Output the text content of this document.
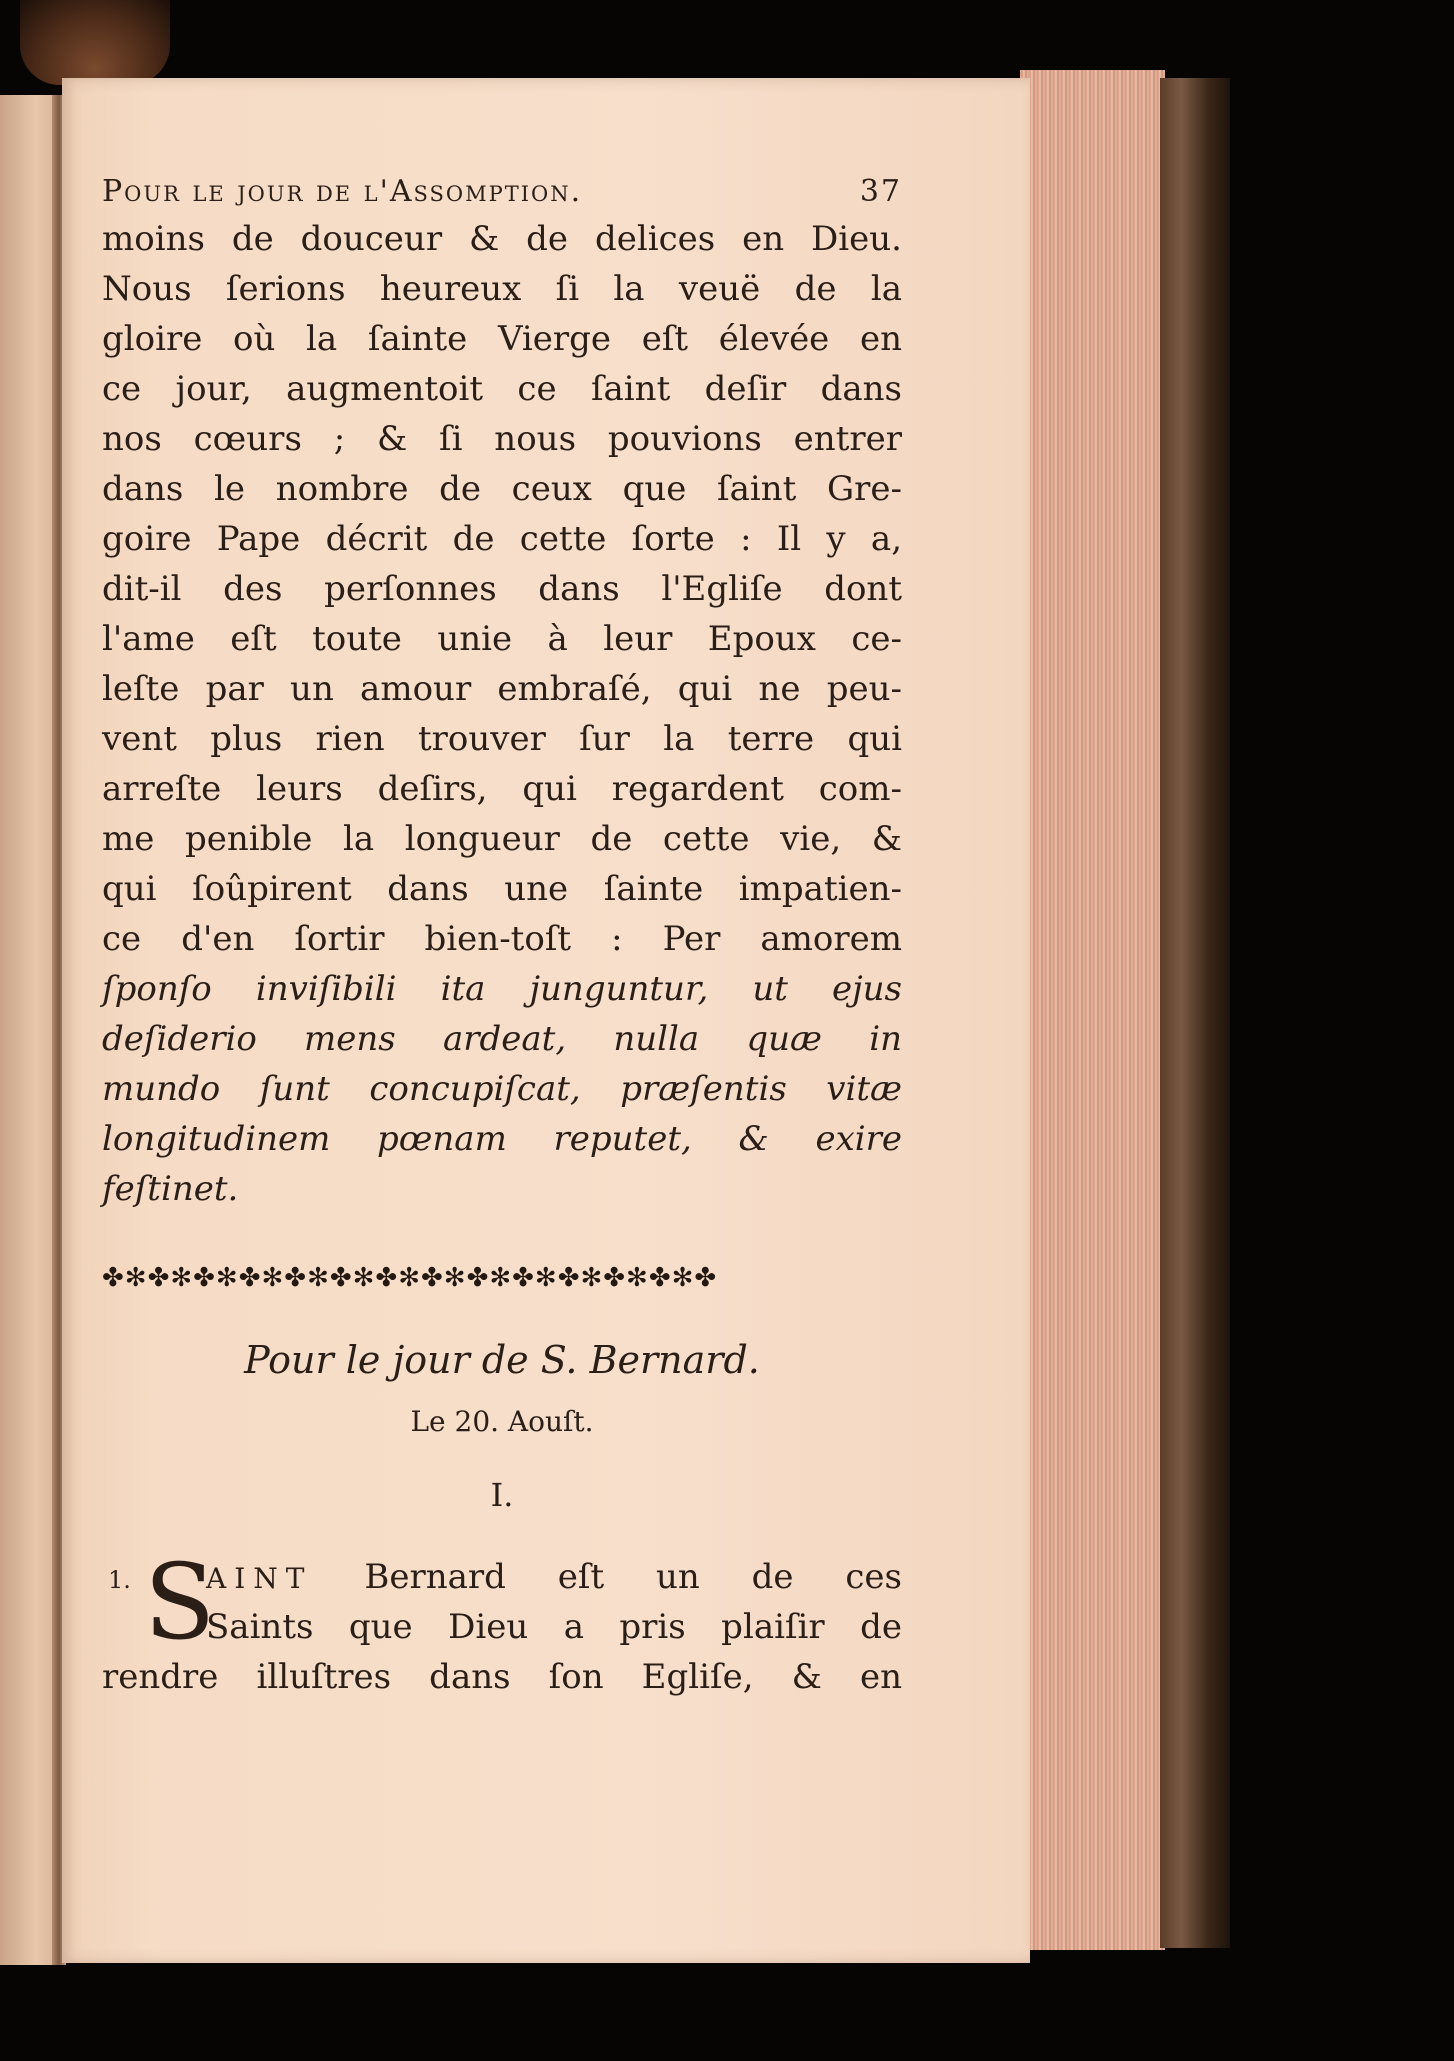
Pour le jour de l'Assomption.	37
moins de douceur & de delices en Dieu.
Nous ſerions heureux ſi la veuë de la
gloire où la ſainte Vierge eſt élevée en
ce jour, augmentoit ce ſaint deſir dans
nos cœurs ; & ſi nous pouvions entrer
dans le nombre de ceux que ſaint Gre-
goire Pape décrit de cette ſorte : Il y a,
dit-il des perſonnes dans l'Egliſe dont
l'ame eſt toute unie à leur Epoux ce-
leſte par un amour embraſé, qui ne peu-
vent plus rien trouver ſur la terre qui
arreſte leurs deſirs, qui regardent com-
me penible la longueur de cette vie, &
qui ſoûpirent dans une ſainte impatien-
ce d'en ſortir bien-toſt : Per amorem
ſponſo inviſibili ita junguntur, ut ejus
deſiderio mens ardeat, nulla quæ in
mundo ſunt concupiſcat, præſentis vitæ
longitudinem pœnam reputet, & exire
feſtinet.
✤✻✤✻✤✻✤✻✤✻✤✻✤✻✤✻✤✻✤✻✤✻✤✻✤✻✤
Pour le jour de S. Bernard.
Le 20. Aouſt.
I.
1. S
AINT Bernard eſt un de ces
Saints que Dieu a pris plaiſir de
rendre illuſtres dans ſon Egliſe, & en
